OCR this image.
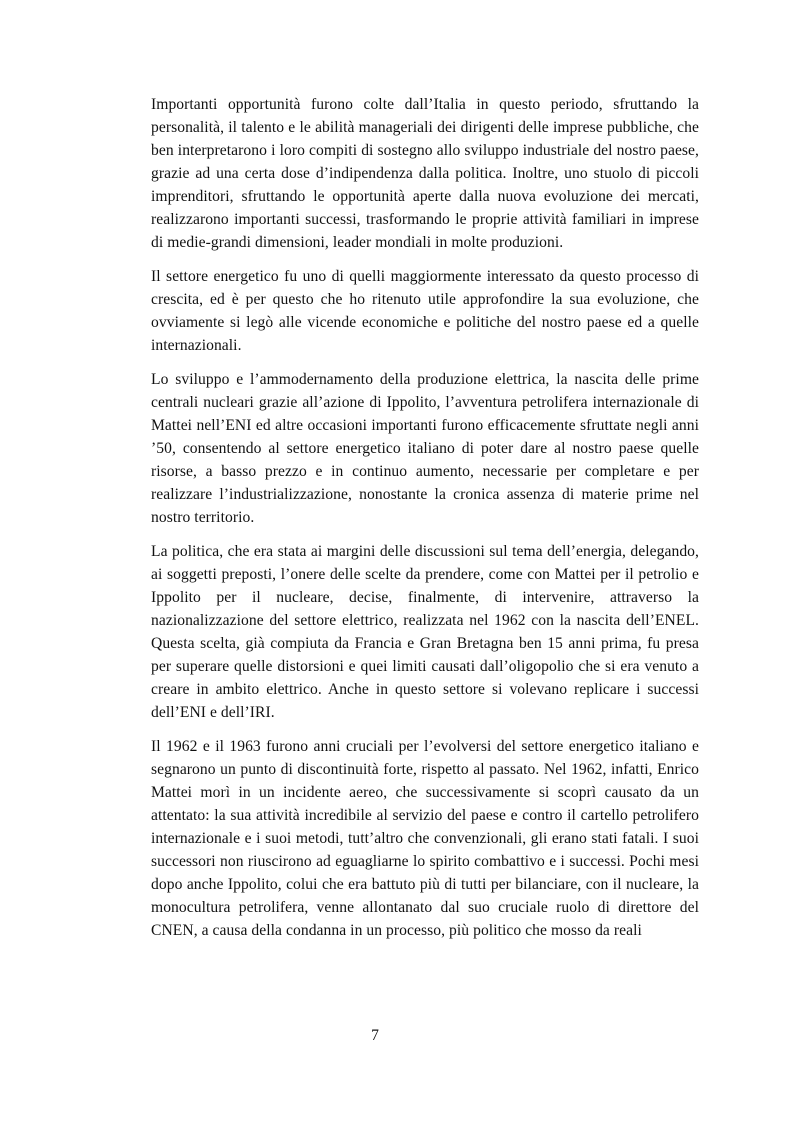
Importanti opportunità furono colte dall’Italia in questo periodo, sfruttando la personalità, il talento e le abilità manageriali dei dirigenti delle imprese pubbliche, che ben interpretarono i loro compiti di sostegno allo sviluppo industriale del nostro paese, grazie ad una certa dose d’indipendenza dalla politica. Inoltre, uno stuolo di piccoli imprenditori, sfruttando le opportunità aperte dalla nuova evoluzione dei mercati, realizzarono importanti successi, trasformando le proprie attività familiari in imprese di medie-grandi dimensioni, leader mondiali in molte produzioni.

Il settore energetico fu uno di quelli maggiormente interessato da questo processo di crescita, ed è per questo che ho ritenuto utile approfondire la sua evoluzione, che ovviamente si legò alle vicende economiche e politiche del nostro paese ed a quelle internazionali.

Lo sviluppo e l’ammodernamento della produzione elettrica, la nascita delle prime centrali nucleari grazie all’azione di Ippolito, l’avventura petrolifera internazionale di Mattei nell’ENI ed altre occasioni importanti furono efficacemente sfruttate negli anni ’50, consentendo al settore energetico italiano di poter dare al nostro paese quelle risorse, a basso prezzo e in continuo aumento, necessarie per completare e per realizzare l’industrializzazione, nonostante la cronica assenza di materie prime nel nostro territorio.

La politica, che era stata ai margini delle discussioni sul tema dell’energia, delegando, ai soggetti preposti, l’onere delle scelte da prendere, come con Mattei per il petrolio e Ippolito per il nucleare, decise, finalmente, di intervenire, attraverso la nazionalizzazione del settore elettrico, realizzata nel 1962 con la nascita dell’ENEL. Questa scelta, già compiuta da Francia e Gran Bretagna ben 15 anni prima, fu presa per superare quelle distorsioni e quei limiti causati dall’oligopolio che si era venuto a creare in ambito elettrico. Anche in questo settore si volevano replicare i successi dell’ENI e dell’IRI.

Il 1962 e il 1963 furono anni cruciali per l’evolversi del settore energetico italiano e segnarono un punto di discontinuità forte, rispetto al passato. Nel 1962, infatti, Enrico Mattei morì in un incidente aereo, che successivamente si scoprì causato da un attentato: la sua attività incredibile al servizio del paese e contro il cartello petrolifero internazionale e i suoi metodi, tutt’altro che convenzionali, gli erano stati fatali. I suoi successori non riuscirono ad eguagliarne lo spirito combattivo e i successi. Pochi mesi dopo anche Ippolito, colui che era battuto più di tutti per bilanciare, con il nucleare, la monocultura petrolifera, venne allontanato dal suo cruciale ruolo di direttore del CNEN, a causa della condanna in un processo, più politico che mosso da reali

7
